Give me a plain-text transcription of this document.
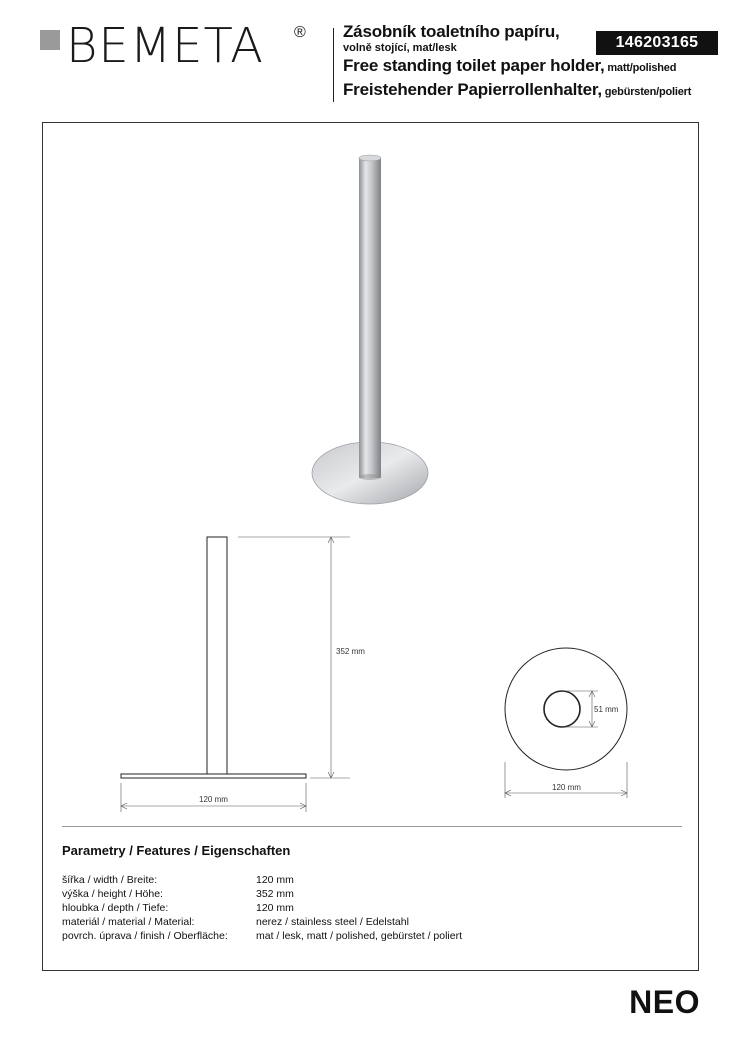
BEMETA ® Zásobník toaletního papíru,
volně stojící, mat/lesk
Free standing toilet paper holder, matt/polished
Freistehender Papierrollenhalter, gebürsten/poliert
146203165
352 mm
120 mm
51 mm
120 mm
Parametry / Features / Eigenschaften
šířka / width / Breite:	120 mm
výška / height / Höhe:	352 mm
hloubka / depth / Tiefe:	120 mm
materiál / material / Material:	nerez / stainless steel / Edelstahl
povrch. úprava / finish / Oberfläche:	mat / lesk, matt / polished, gebürstet / poliert
NEO
